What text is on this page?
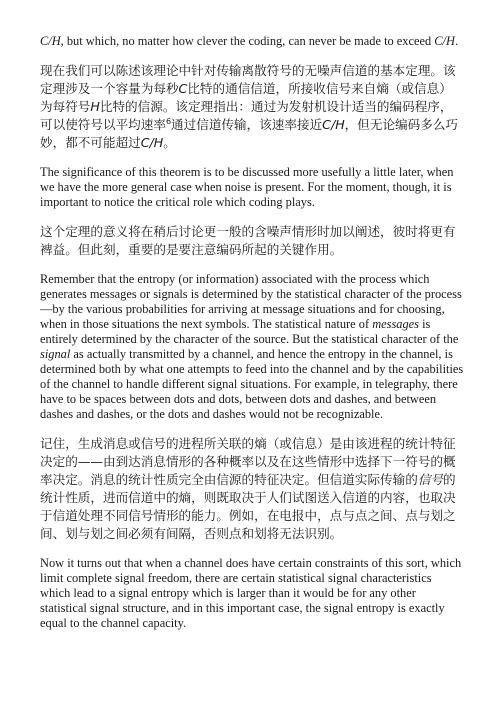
C/H, but which, no matter how clever the coding, can never be made to exceed C/H.

现在我们可以陈述该理论中针对传输离散符号的无噪声信道的基本定理。该定理涉及一个容量为每秒C比特的通信信道，所接收信号来自熵（或信息）为每符号H比特的信源。该定理指出：通过为发射机设计适当的编码程序，可以使符号以平均速率$^6$通过信道传输，该速率接近C/H，但无论编码多么巧妙，都不可能超过C/H。

The significance of this theorem is to be discussed more usefully a little later, when we have the more general case when noise is present. For the moment, though, it is important to notice the critical role which coding plays.

这个定理的意义将在稍后讨论更一般的含噪声情形时加以阐述，彼时将更有裨益。但此刻，重要的是要注意编码所起的关键作用。

Remember that the entropy (or information) associated with the process which generates messages or signals is determined by the statistical character of the process—by the various probabilities for arriving at message situations and for choosing, when in those situations the next symbols. The statistical nature of messages is entirely determined by the character of the source. But the statistical character of the signal as actually transmitted by a channel, and hence the entropy in the channel, is determined both by what one attempts to feed into the channel and by the capabilities of the channel to handle different signal situations. For example, in telegraphy, there have to be spaces between dots and dots, between dots and dashes, and between dashes and dashes, or the dots and dashes would not be recognizable.

记住，生成消息或信号的进程所关联的熵（或信息）是由该进程的统计特征决定的——由到达消息情形的各种概率以及在这些情形中选择下一符号的概率决定。消息的统计性质完全由信源的特征决定。但信道实际传输的信号的统计性质，进而信道中的熵，则既取决于人们试图送入信道的内容，也取决于信道处理不同信号情形的能力。例如，在电报中，点与点之间、点与划之间、划与划之间必须有间隔，否则点和划将无法识别。

Now it turns out that when a channel does have certain constraints of this sort, which limit complete signal freedom, there are certain statistical signal characteristics which lead to a signal entropy which is larger than it would be for any other statistical signal structure, and in this important case, the signal entropy is exactly equal to the channel capacity.
